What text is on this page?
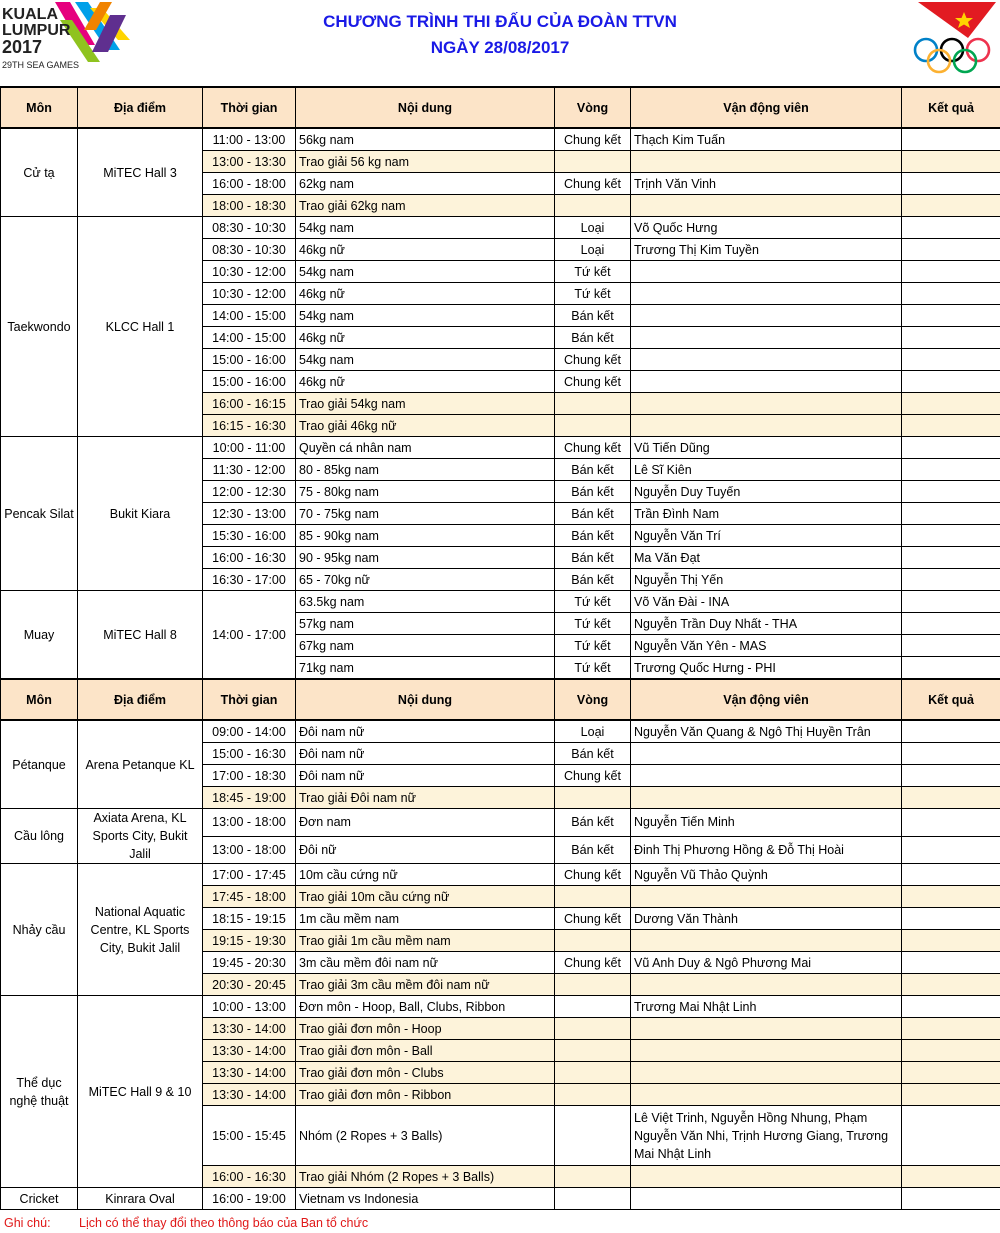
KUALA
LUMPUR
2017
29TH SEA GAMES
CHƯƠNG TRÌNH THI ĐẤU CỦA ĐOÀN TTVN
NGÀY 28/08/2017
Môn	Địa điểm	Thời gian	Nội dung	Vòng	Vận động viên	Kết quả
Cử tạ	MiTEC Hall 3	11:00 - 13:00	56kg nam	Chung kết	Thạch Kim Tuấn	
		13:00 - 13:30	Trao giải 56 kg nam			
		16:00 - 18:00	62kg nam	Chung kết	Trịnh Văn Vinh	
		18:00 - 18:30	Trao giải 62kg nam			
Taekwondo	KLCC Hall 1	08:30 - 10:30	54kg nam	Loại	Võ Quốc Hưng	
		08:30 - 10:30	46kg nữ	Loại	Trương Thị Kim Tuyền	
		10:30 - 12:00	54kg nam	Tứ kết		
		10:30 - 12:00	46kg nữ	Tứ kết		
		14:00 - 15:00	54kg nam	Bán kết		
		14:00 - 15:00	46kg nữ	Bán kết		
		15:00 - 16:00	54kg nam	Chung kết		
		15:00 - 16:00	46kg nữ	Chung kết		
		16:00 - 16:15	Trao giải 54kg nam			
		16:15 - 16:30	Trao giải 46kg nữ			
Pencak Silat	Bukit Kiara	10:00 - 11:00	Quyền cá nhân nam	Chung kết	Vũ Tiến Dũng	
		11:30 - 12:00	80 - 85kg nam	Bán kết	Lê Sĩ Kiên	
		12:00 - 12:30	75 - 80kg nam	Bán kết	Nguyễn Duy Tuyến	
		12:30 - 13:00	70 - 75kg nam	Bán kết	Trần Đình Nam	
		15:30 - 16:00	85 - 90kg nam	Bán kết	Nguyễn Văn Trí	
		16:00 - 16:30	90 - 95kg nam	Bán kết	Ma Văn Đạt	
		16:30 - 17:00	65 - 70kg nữ	Bán kết	Nguyễn Thị Yến	
Muay	MiTEC Hall 8	14:00 - 17:00	63.5kg nam	Tứ kết	Võ Văn Đài - INA	
			57kg nam	Tứ kết	Nguyễn Trần Duy Nhất - THA	
			67kg nam	Tứ kết	Nguyễn Văn Yên - MAS	
			71kg nam	Tứ kết	Trương Quốc Hưng - PHI	
Môn	Địa điểm	Thời gian	Nội dung	Vòng	Vận động viên	Kết quả
Pétanque	Arena Petanque KL	09:00 - 14:00	Đôi nam nữ	Loại	Nguyễn Văn Quang & Ngô Thị Huyền Trân	
		15:00 - 16:30	Đôi nam nữ	Bán kết		
		17:00 - 18:30	Đôi nam nữ	Chung kết		
		18:45 - 19:00	Trao giải Đôi nam nữ			
Cầu lông	Axiata Arena, KL Sports City, Bukit Jalil	13:00 - 18:00	Đơn nam	Bán kết	Nguyễn Tiến Minh	
		13:00 - 18:00	Đôi nữ	Bán kết	Đinh Thị Phương Hồng & Đỗ Thị Hoài	
Nhảy cầu	National Aquatic Centre, KL Sports City, Bukit Jalil	17:00 - 17:45	10m cầu cứng nữ	Chung kết	Nguyễn Vũ Thảo Quỳnh	
		17:45 - 18:00	Trao giải 10m cầu cứng nữ			
		18:15 - 19:15	1m cầu mềm nam	Chung kết	Dương Văn Thành	
		19:15 - 19:30	Trao giải 1m cầu mềm nam			
		19:45 - 20:30	3m cầu mềm đôi nam nữ	Chung kết	Vũ Anh Duy & Ngô Phương Mai	
		20:30 - 20:45	Trao giải 3m cầu mềm đôi nam nữ			
Thể dục nghệ thuật	MiTEC Hall 9 & 10	10:00 - 13:00	Đơn môn - Hoop, Ball, Clubs, Ribbon		Trương Mai Nhật Linh	
		13:30 - 14:00	Trao giải đơn môn - Hoop			
		13:30 - 14:00	Trao giải đơn môn - Ball			
		13:30 - 14:00	Trao giải đơn môn - Clubs			
		13:30 - 14:00	Trao giải đơn môn - Ribbon			
		15:00 - 15:45	Nhóm (2 Ropes + 3 Balls)		Lê Việt Trinh, Nguyễn Hồng Nhung, Phạm Nguyễn Văn Nhi, Trịnh Hương Giang, Trương Mai Nhật Linh	
		16:00 - 16:30	Trao giải Nhóm (2 Ropes + 3 Balls)			
Cricket	Kinrara Oval	16:00 - 19:00	Vietnam vs Indonesia			
Ghi chú: Lịch có thể thay đổi theo thông báo của Ban tổ chức
